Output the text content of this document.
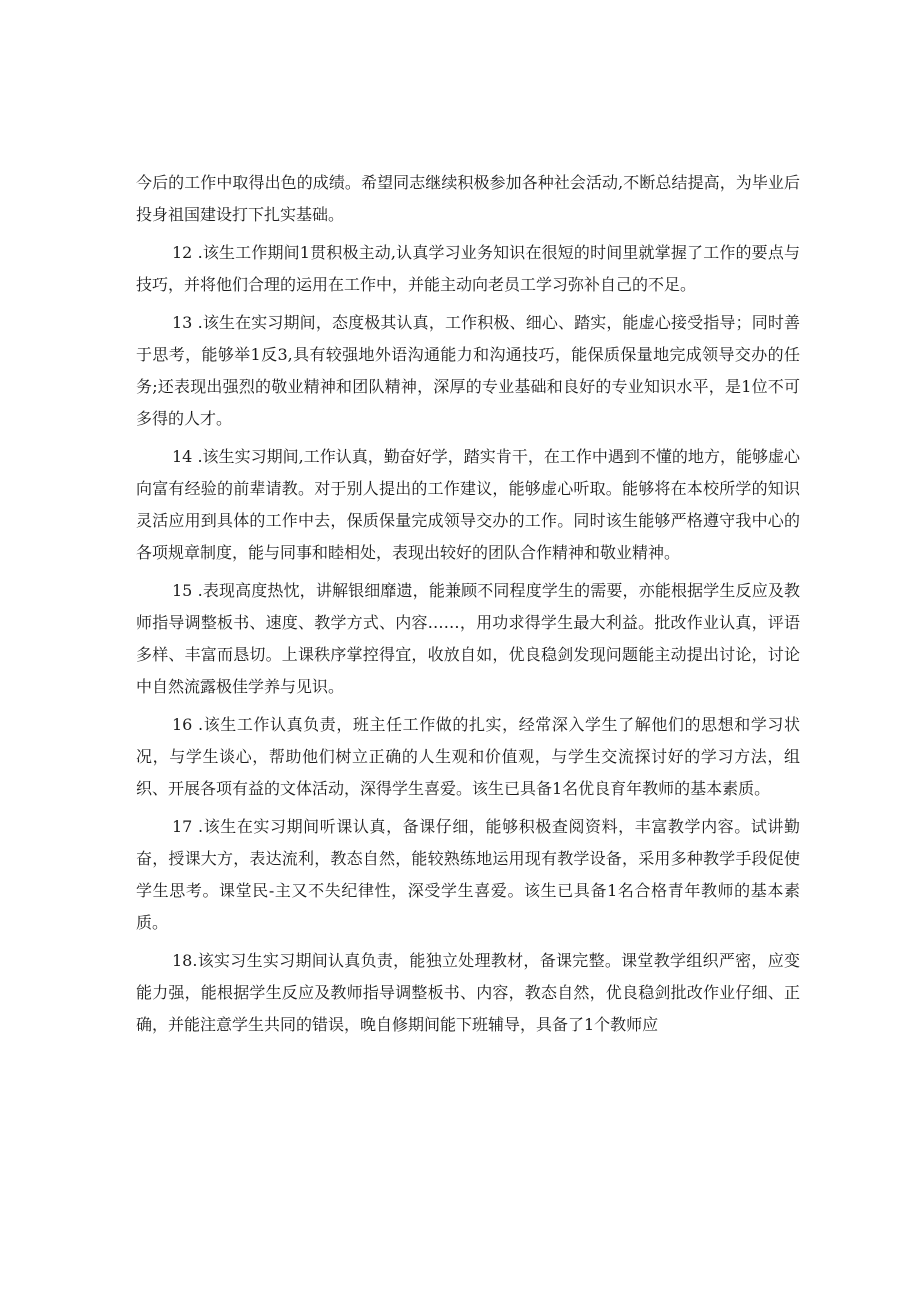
今后的工作中取得出色的成绩。希望同志继续积极参加各种社会活动,不断总结提高，为毕业后投身祖国建设打下扎实基础。

12 .该生工作期间1贯积极主动,认真学习业务知识在很短的时间里就掌握了工作的要点与技巧，并将他们合理的运用在工作中，并能主动向老员工学习弥补自己的不足。

13 .该生在实习期间，态度极其认真，工作积极、细心、踏实，能虚心接受指导；同时善于思考，能够举1反3,具有较强地外语沟通能力和沟通技巧，能保质保量地完成领导交办的任务;还表现出强烈的敬业精神和团队精神，深厚的专业基础和良好的专业知识水平，是1位不可多得的人才。

14 .该生实习期间,工作认真，勤奋好学，踏实肯干，在工作中遇到不懂的地方，能够虚心向富有经验的前辈请教。对于别人提出的工作建议，能够虚心听取。能够将在本校所学的知识灵活应用到具体的工作中去，保质保量完成领导交办的工作。同时该生能够严格遵守我中心的各项规章制度，能与同事和睦相处，表现出较好的团队合作精神和敬业精神。

15 .表现高度热忱，讲解银细靡遗，能兼顾不同程度学生的需要，亦能根据学生反应及教师指导调整板书、速度、教学方式、内容……，用功求得学生最大利益。批改作业认真，评语多样、丰富而恳切。上课秩序掌控得宜，收放自如，优良稳剑发现问题能主动提出讨论，讨论中自然流露极佳学养与见识。

16 .该生工作认真负责，班主任工作做的扎实，经常深入学生了解他们的思想和学习状况，与学生谈心，帮助他们树立正确的人生观和价值观，与学生交流探讨好的学习方法，组织、开展各项有益的文体活动，深得学生喜爱。该生已具备1名优良育年教师的基本素质。

17 .该生在实习期间听课认真，备课仔细，能够积极查阅资料，丰富教学内容。试讲勤奋，授课大方，表达流利，教态自然，能较熟练地运用现有教学设备，采用多种教学手段促使学生思考。课堂民-主又不失纪律性，深受学生喜爱。该生已具备1名合格青年教师的基本素质。

18.该实习生实习期间认真负责，能独立处理教材，备课完整。课堂教学组织严密，应变能力强，能根据学生反应及教师指导调整板书、内容，教态自然，优良稳剑批改作业仔细、正确，并能注意学生共同的错误，晚自修期间能下班辅导，具备了1个教师应
